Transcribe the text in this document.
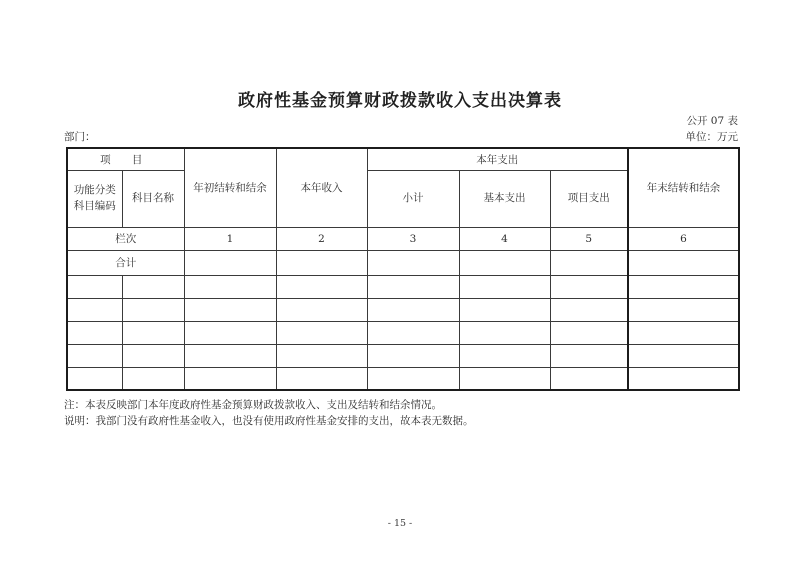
政府性基金预算财政拨款收入支出决算表
公开 07 表
部门：	单位：万元
项 目		年初结转和结余	本年收入	本年支出			年末结转和结余
功能分类科目编码	科目名称			小计	基本支出	项目支出	
栏次		1	2	3	4	5	6
合计							

注：本表反映部门本年度政府性基金预算财政拨款收入、支出及结转和结余情况。
说明：我部门没有政府性基金收入，也没有使用政府性基金安排的支出，故本表无数据。
- 15 -
